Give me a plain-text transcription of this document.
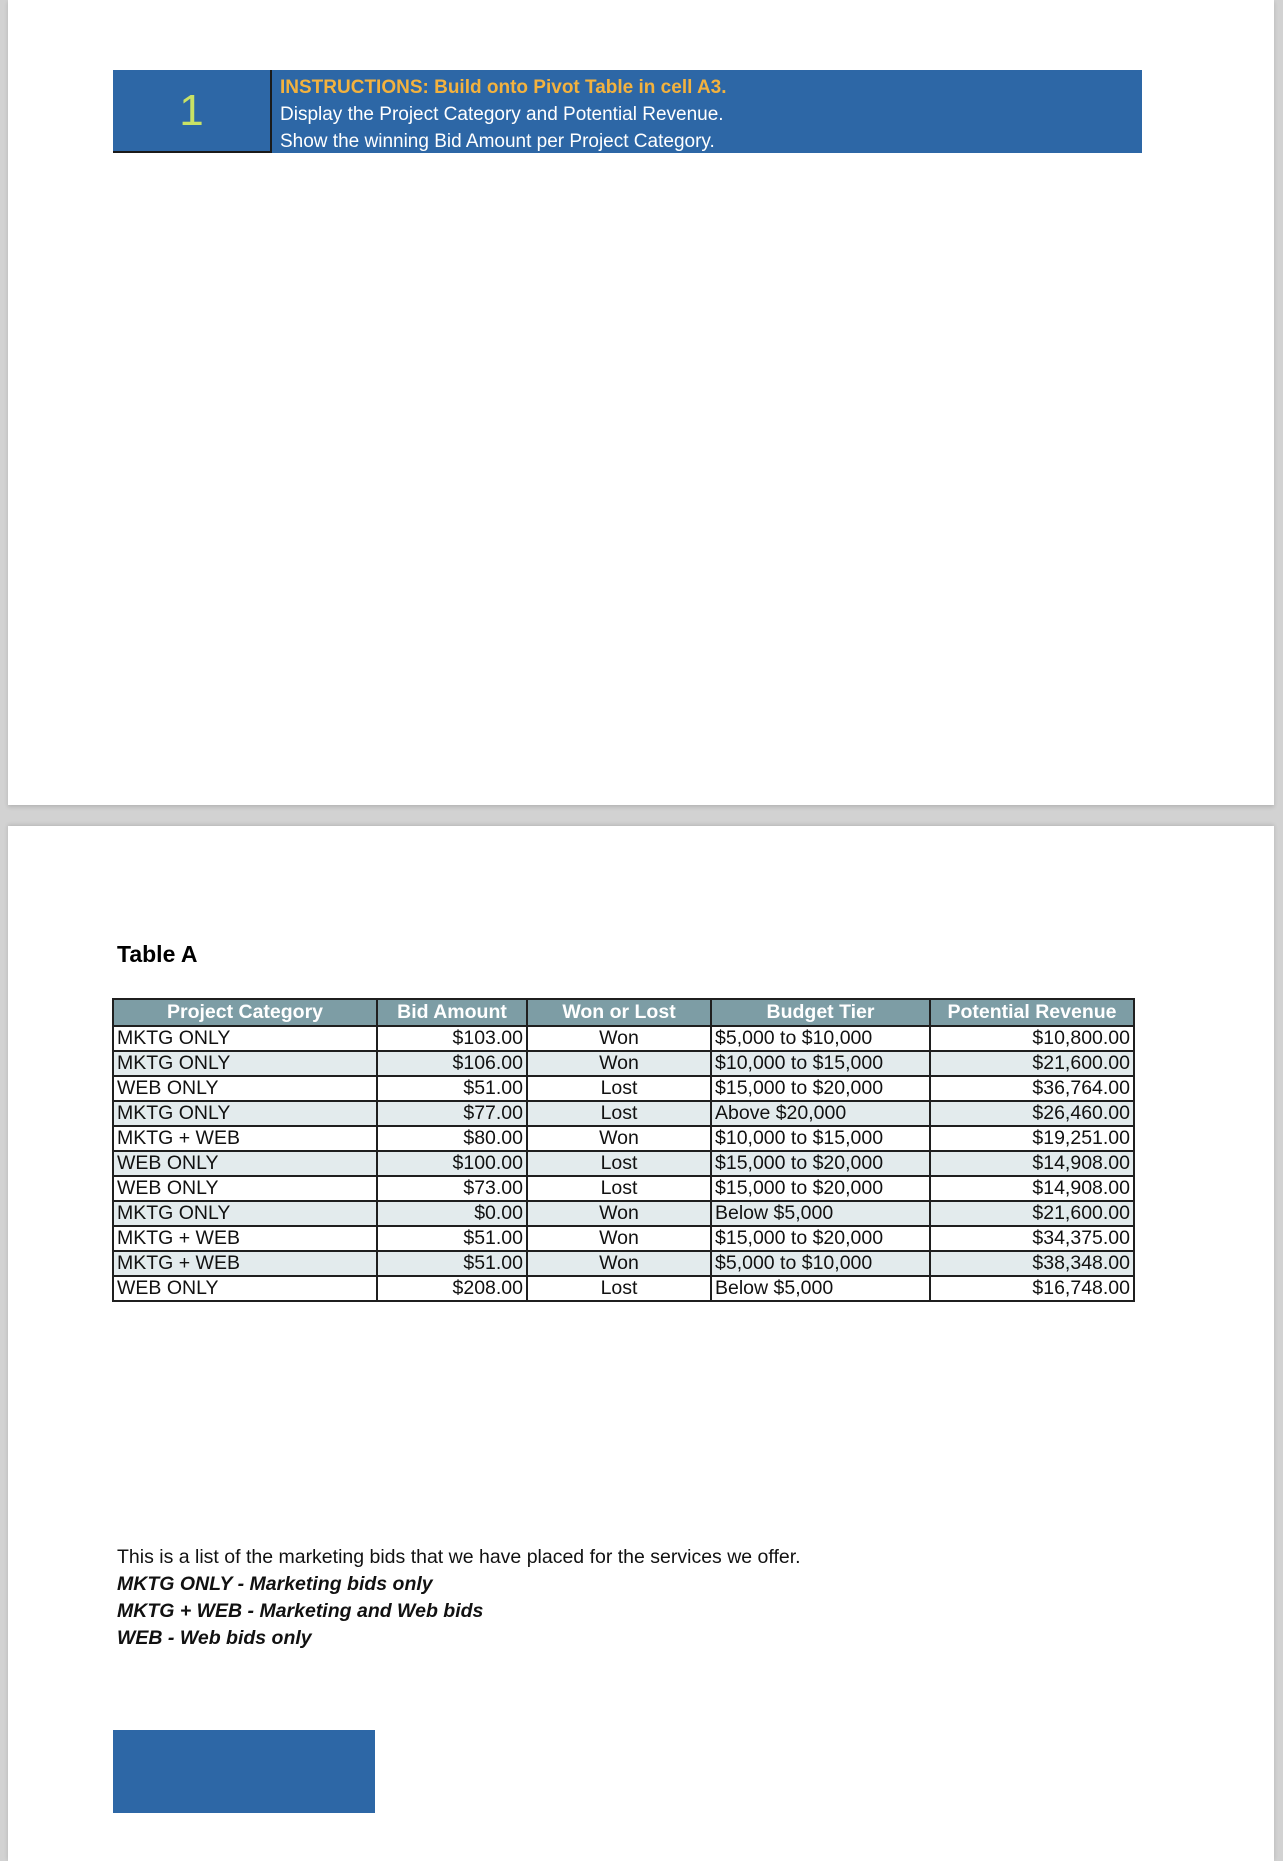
1	INSTRUCTIONS: Build onto Pivot Table in cell A3.
Display the Project Category and Potential Revenue.
Show the winning Bid Amount per Project Category.
Table A
Project Category	Bid Amount	Won or Lost	Budget Tier	Potential Revenue
MKTG ONLY	$103.00	Won	$5,000 to $10,000	$10,800.00
MKTG ONLY	$106.00	Won	$10,000 to $15,000	$21,600.00
WEB ONLY	$51.00	Lost	$15,000 to $20,000	$36,764.00
MKTG ONLY	$77.00	Lost	Above $20,000	$26,460.00
MKTG + WEB	$80.00	Won	$10,000 to $15,000	$19,251.00
WEB ONLY	$100.00	Lost	$15,000 to $20,000	$14,908.00
WEB ONLY	$73.00	Lost	$15,000 to $20,000	$14,908.00
MKTG ONLY	$0.00	Won	Below $5,000	$21,600.00
MKTG + WEB	$51.00	Won	$15,000 to $20,000	$34,375.00
MKTG + WEB	$51.00	Won	$5,000 to $10,000	$38,348.00
WEB ONLY	$208.00	Lost	Below $5,000	$16,748.00
This is a list of the marketing bids that we have placed for the services we offer.
MKTG ONLY - Marketing bids only
MKTG + WEB - Marketing and Web bids
WEB - Web bids only
